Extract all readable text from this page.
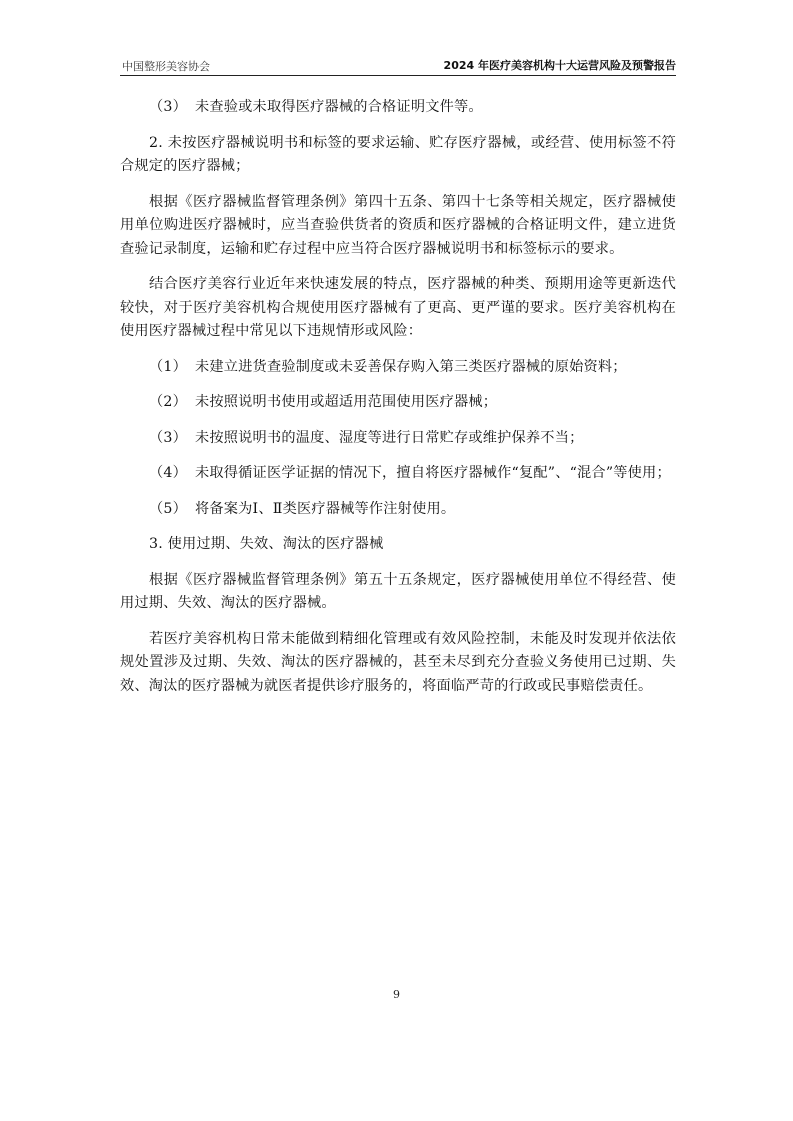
中国整形美容协会	2024 年医疗美容机构十大运营风险及预警报告
（3） 未查验或未取得医疗器械的合格证明文件等。

2. 未按医疗器械说明书和标签的要求运输、贮存医疗器械，或经营、使用标签不符合规定的医疗器械；

根据《医疗器械监督管理条例》第四十五条、第四十七条等相关规定，医疗器械使用单位购进医疗器械时，应当查验供货者的资质和医疗器械的合格证明文件，建立进货查验记录制度，运输和贮存过程中应当符合医疗器械说明书和标签标示的要求。

结合医疗美容行业近年来快速发展的特点，医疗器械的种类、预期用途等更新迭代较快，对于医疗美容机构合规使用医疗器械有了更高、更严谨的要求。医疗美容机构在使用医疗器械过程中常见以下违规情形或风险：

（1） 未建立进货查验制度或未妥善保存购入第三类医疗器械的原始资料；
（2） 未按照说明书使用或超适用范围使用医疗器械；
（3） 未按照说明书的温度、湿度等进行日常贮存或维护保养不当；
（4） 未取得循证医学证据的情况下，擅自将医疗器械作“复配”、“混合”等使用；
（5） 将备案为Ⅰ、Ⅱ类医疗器械等作注射使用。

3. 使用过期、失效、淘汰的医疗器械

根据《医疗器械监督管理条例》第五十五条规定，医疗器械使用单位不得经营、使用过期、失效、淘汰的医疗器械。

若医疗美容机构日常未能做到精细化管理或有效风险控制，未能及时发现并依法依规处置涉及过期、失效、淘汰的医疗器械的，甚至未尽到充分查验义务使用已过期、失效、淘汰的医疗器械为就医者提供诊疗服务的，将面临严苛的行政或民事赔偿责任。

9
